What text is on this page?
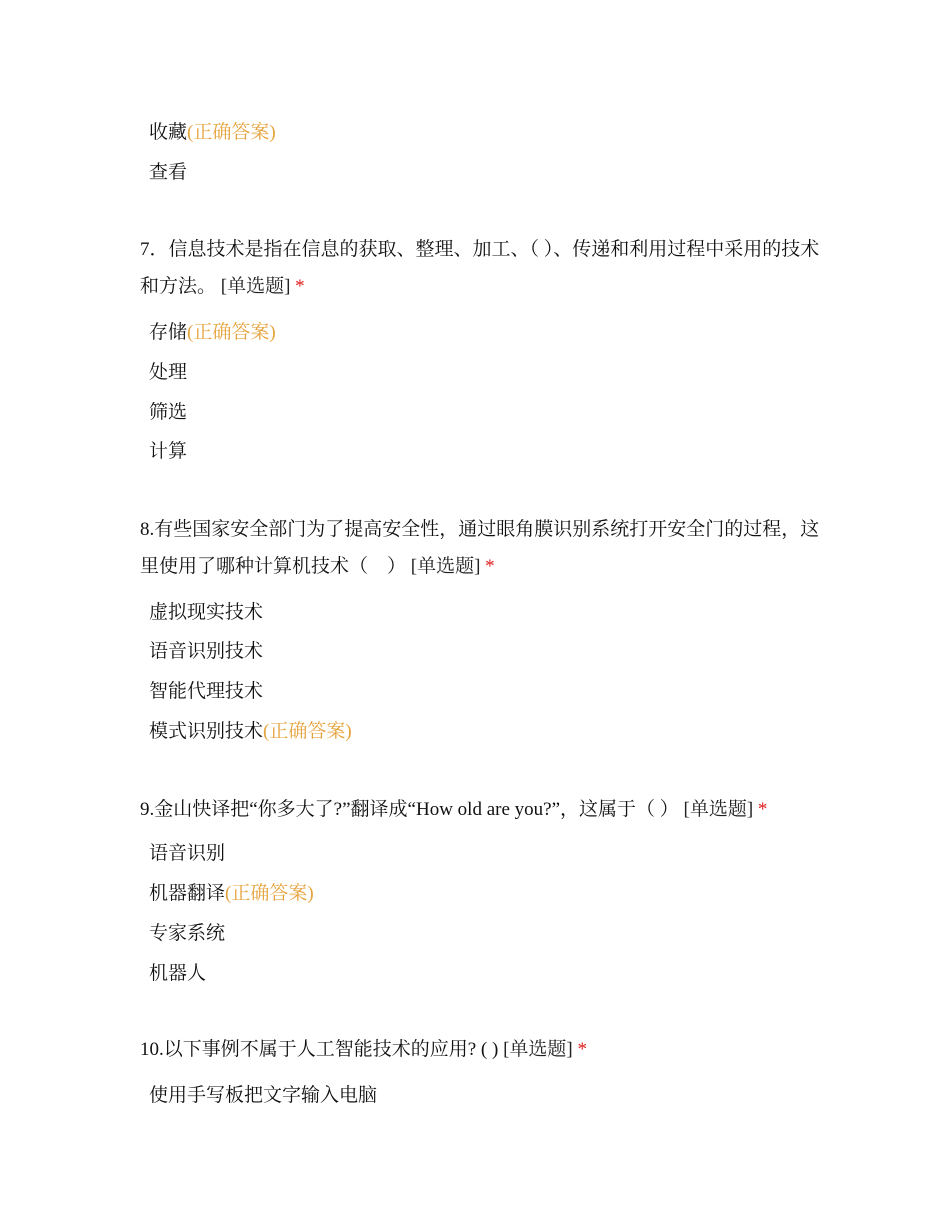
收藏(正确答案)
查看
7．信息技术是指在信息的获取、整理、加工、（ ）、传递和利用过程中采用的技术和方法。 [单选题] *
存储(正确答案)
处理
筛选
计算
8.有些国家安全部门为了提高安全性，通过眼角膜识别系统打开安全门的过程，这里使用了哪种计算机技术（　） [单选题] *
虚拟现实技术
语音识别技术
智能代理技术
模式识别技术(正确答案)
9.金山快译把“你多大了?”翻译成“How old are you?”，这属于（ ） [单选题] *
语音识别
机器翻译(正确答案)
专家系统
机器人
10.以下事例不属于人工智能技术的应用? ( ) [单选题] *
使用手写板把文字输入电脑
